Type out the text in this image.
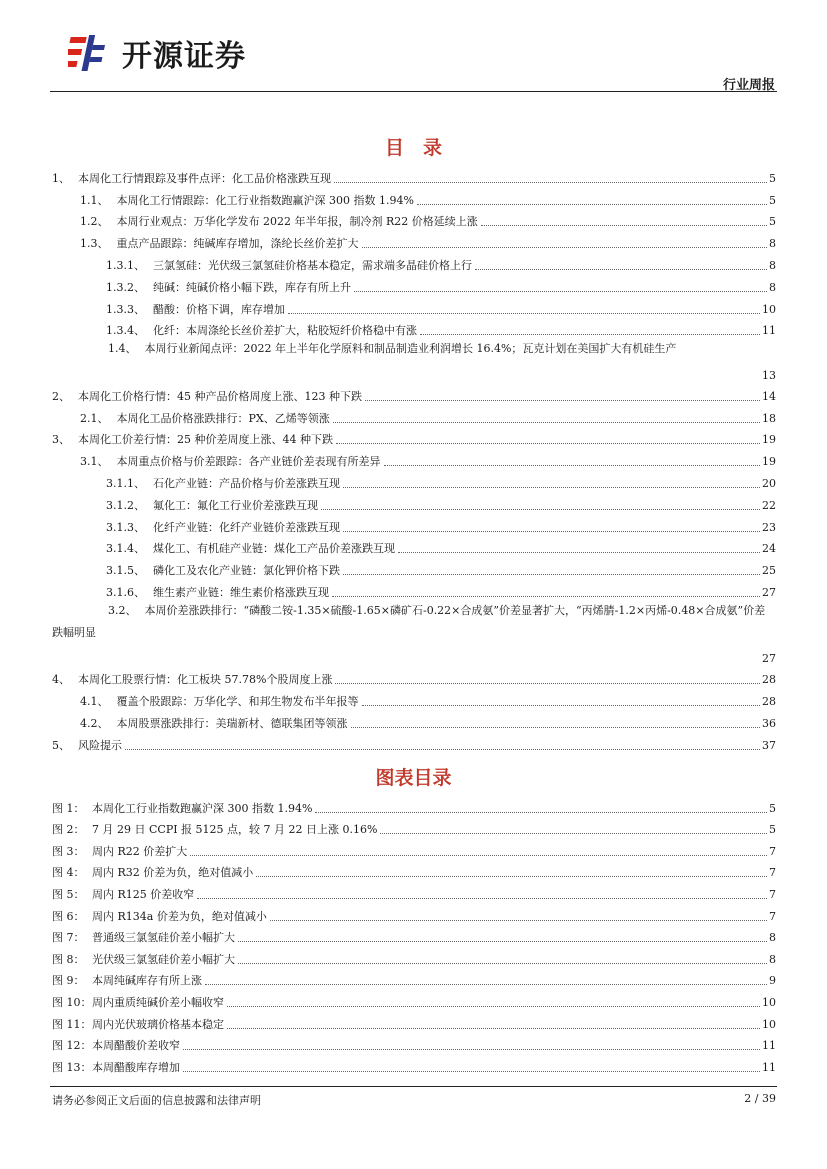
开源证券
行业周报
目　录
1、 本周化工行情跟踪及事件点评：化工品价格涨跌互现	5
1.1、 本周化工行情跟踪：化工行业指数跑赢沪深 300 指数 1.94%	5
1.2、 本周行业观点：万华化学发布 2022 年半年报，制冷剂 R22 价格延续上涨	5
1.3、 重点产品跟踪：纯碱库存增加，涤纶长丝价差扩大	8
1.3.1、 三氯氢硅：光伏级三氯氢硅价格基本稳定，需求端多晶硅价格上行	8
1.3.2、 纯碱：纯碱价格小幅下跌，库存有所上升	8
1.3.3、 醋酸：价格下调，库存增加	10
1.3.4、 化纤：本周涤纶长丝价差扩大，粘胶短纤价格稳中有涨	11
1.4、 本周行业新闻点评：2022 年上半年化学原料和制品制造业利润增长 16.4%；瓦克计划在美国扩大有机硅生产
13
2、 本周化工价格行情：45 种产品价格周度上涨、123 种下跌	14
2.1、 本周化工品价格涨跌排行：PX、乙烯等领涨	18
3、 本周化工价差行情：25 种价差周度上涨、44 种下跌	19
3.1、 本周重点价格与价差跟踪：各产业链价差表现有所差异	19
3.1.1、 石化产业链：产品价格与价差涨跌互现	20
3.1.2、 氟化工：氟化工行业价差涨跌互现	22
3.1.3、 化纤产业链：化纤产业链价差涨跌互现	23
3.1.4、 煤化工、有机硅产业链：煤化工产品价差涨跌互现	24
3.1.5、 磷化工及农化产业链：氯化钾价格下跌	25
3.1.6、 维生素产业链：维生素价格涨跌互现	27
3.2、 本周价差涨跌排行：“磷酸二铵-1.35×硫酸-1.65×磷矿石-0.22×合成氨”价差显著扩大，“丙烯腈-1.2×丙烯-0.48×合成氨”价差跌幅明显
27
4、 本周化工股票行情：化工板块 57.78%个股周度上涨	28
4.1、 覆盖个股跟踪：万华化学、和邦生物发布半年报等	28
4.2、 本周股票涨跌排行：美瑞新材、德联集团等领涨	36
5、 风险提示	37
图表目录
图 1： 本周化工行业指数跑赢沪深 300 指数 1.94%	5
图 2： 7 月 29 日 CCPI 报 5125 点，较 7 月 22 日上涨 0.16%	5
图 3： 周内 R22 价差扩大	7
图 4： 周内 R32 价差为负，绝对值减小	7
图 5： 周内 R125 价差收窄	7
图 6： 周内 R134a 价差为负，绝对值减小	7
图 7： 普通级三氯氢硅价差小幅扩大	8
图 8： 光伏级三氯氢硅价差小幅扩大	8
图 9： 本周纯碱库存有所上涨	9
图 10：周内重质纯碱价差小幅收窄	10
图 11：周内光伏玻璃价格基本稳定	10
图 12：本周醋酸价差收窄	11
图 13：本周醋酸库存增加	11
请务必参阅正文后面的信息披露和法律声明	2 / 39
